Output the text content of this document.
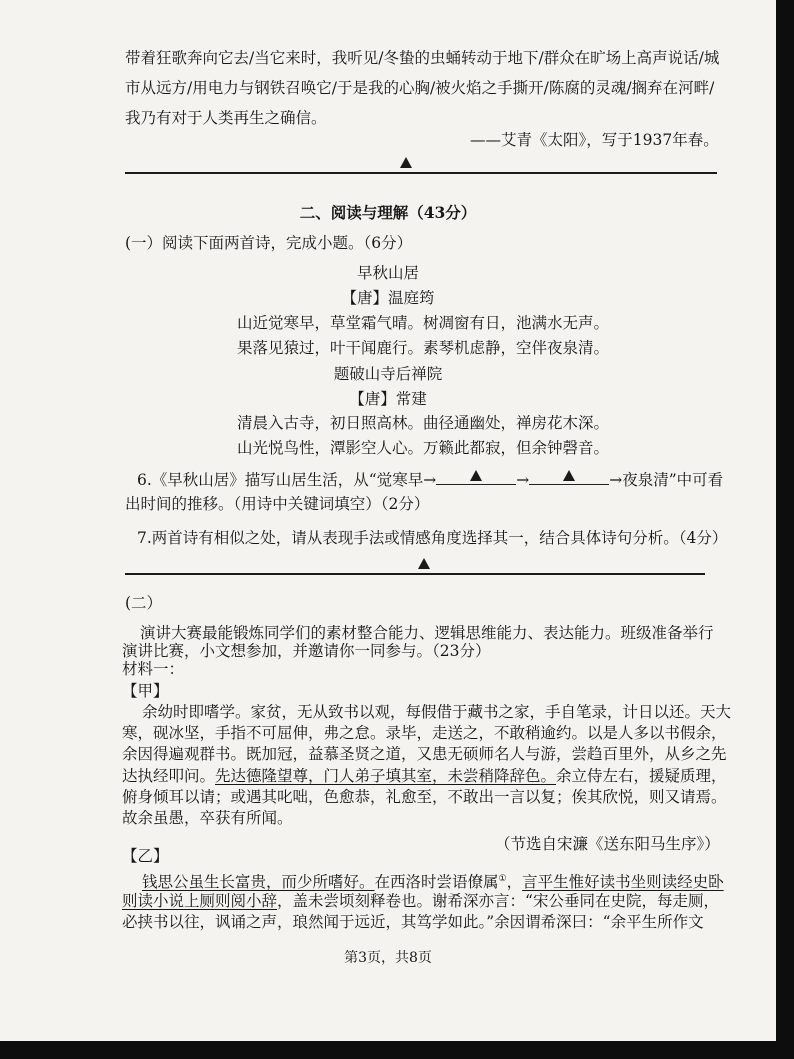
带着狂歌奔向它去/当它来时，我听见/冬蛰的虫蛹转动于地下/群众在旷场上高声说话/城
市从远方/用电力与钢铁召唤它/于是我的心胸/被火焰之手撕开/陈腐的灵魂/搁弃在河畔/
我乃有对于人类再生之确信。
——艾青《太阳》，写于1937年春。
二、阅读与理解（43分）
(一）阅读下面两首诗，完成小题。（6分）
早秋山居
【唐】温庭筠
山近觉寒早，草堂霜气晴。树凋窗有日，池满水无声。
果落见猿过，叶干闻鹿行。素琴机虑静，空伴夜泉清。
题破山寺后禅院
【唐】常建
清晨入古寺，初日照高林。曲径通幽处，禅房花木深。
山光悦鸟性，潭影空人心。万籁此都寂，但余钟磬音。
6.《早秋山居》描写山居生活，从“觉寒早→	→	→夜泉清”中可看
出时间的推移。（用诗中关键词填空）（2分）
7.两首诗有相似之处，请从表现手法或情感角度选择其一，结合具体诗句分析。（4分）
(二）
演讲大赛最能锻炼同学们的素材整合能力、逻辑思维能力、表达能力。班级准备举行
演讲比赛，小文想参加，并邀请你一同参与。（23分）
材料一：
【甲】
余幼时即嗜学。家贫，无从致书以观，每假借于藏书之家，手自笔录，计日以还。天大
寒，砚冰坚，手指不可屈伸，弗之怠。录毕，走送之，不敢稍逾约。以是人多以书假余，
余因得遍观群书。既加冠，益慕圣贤之道，又患无硕师名人与游，尝趋百里外，从乡之先
达执经叩问。先达德隆望尊，门人弟子填其室，未尝稍降辞色。余立侍左右，援疑质理，
俯身倾耳以请；或遇其叱咄，色愈恭，礼愈至，不敢出一言以复；俟其欣悦，则又请焉。
故余虽愚，卒获有所闻。
（节选自宋濂《送东阳马生序》）
【乙】
钱思公虽生长富贵，而少所嗜好。在西洛时尝语僚属①，言平生惟好读书坐则读经史卧
则读小说上厕则阅小辞，盖未尝顷刻释卷也。谢希深亦言：“宋公垂同在史院，每走厕，
必挟书以往，讽诵之声，琅然闻于远近，其笃学如此。”余因谓希深曰：“余平生所作文
第3页，共8页
